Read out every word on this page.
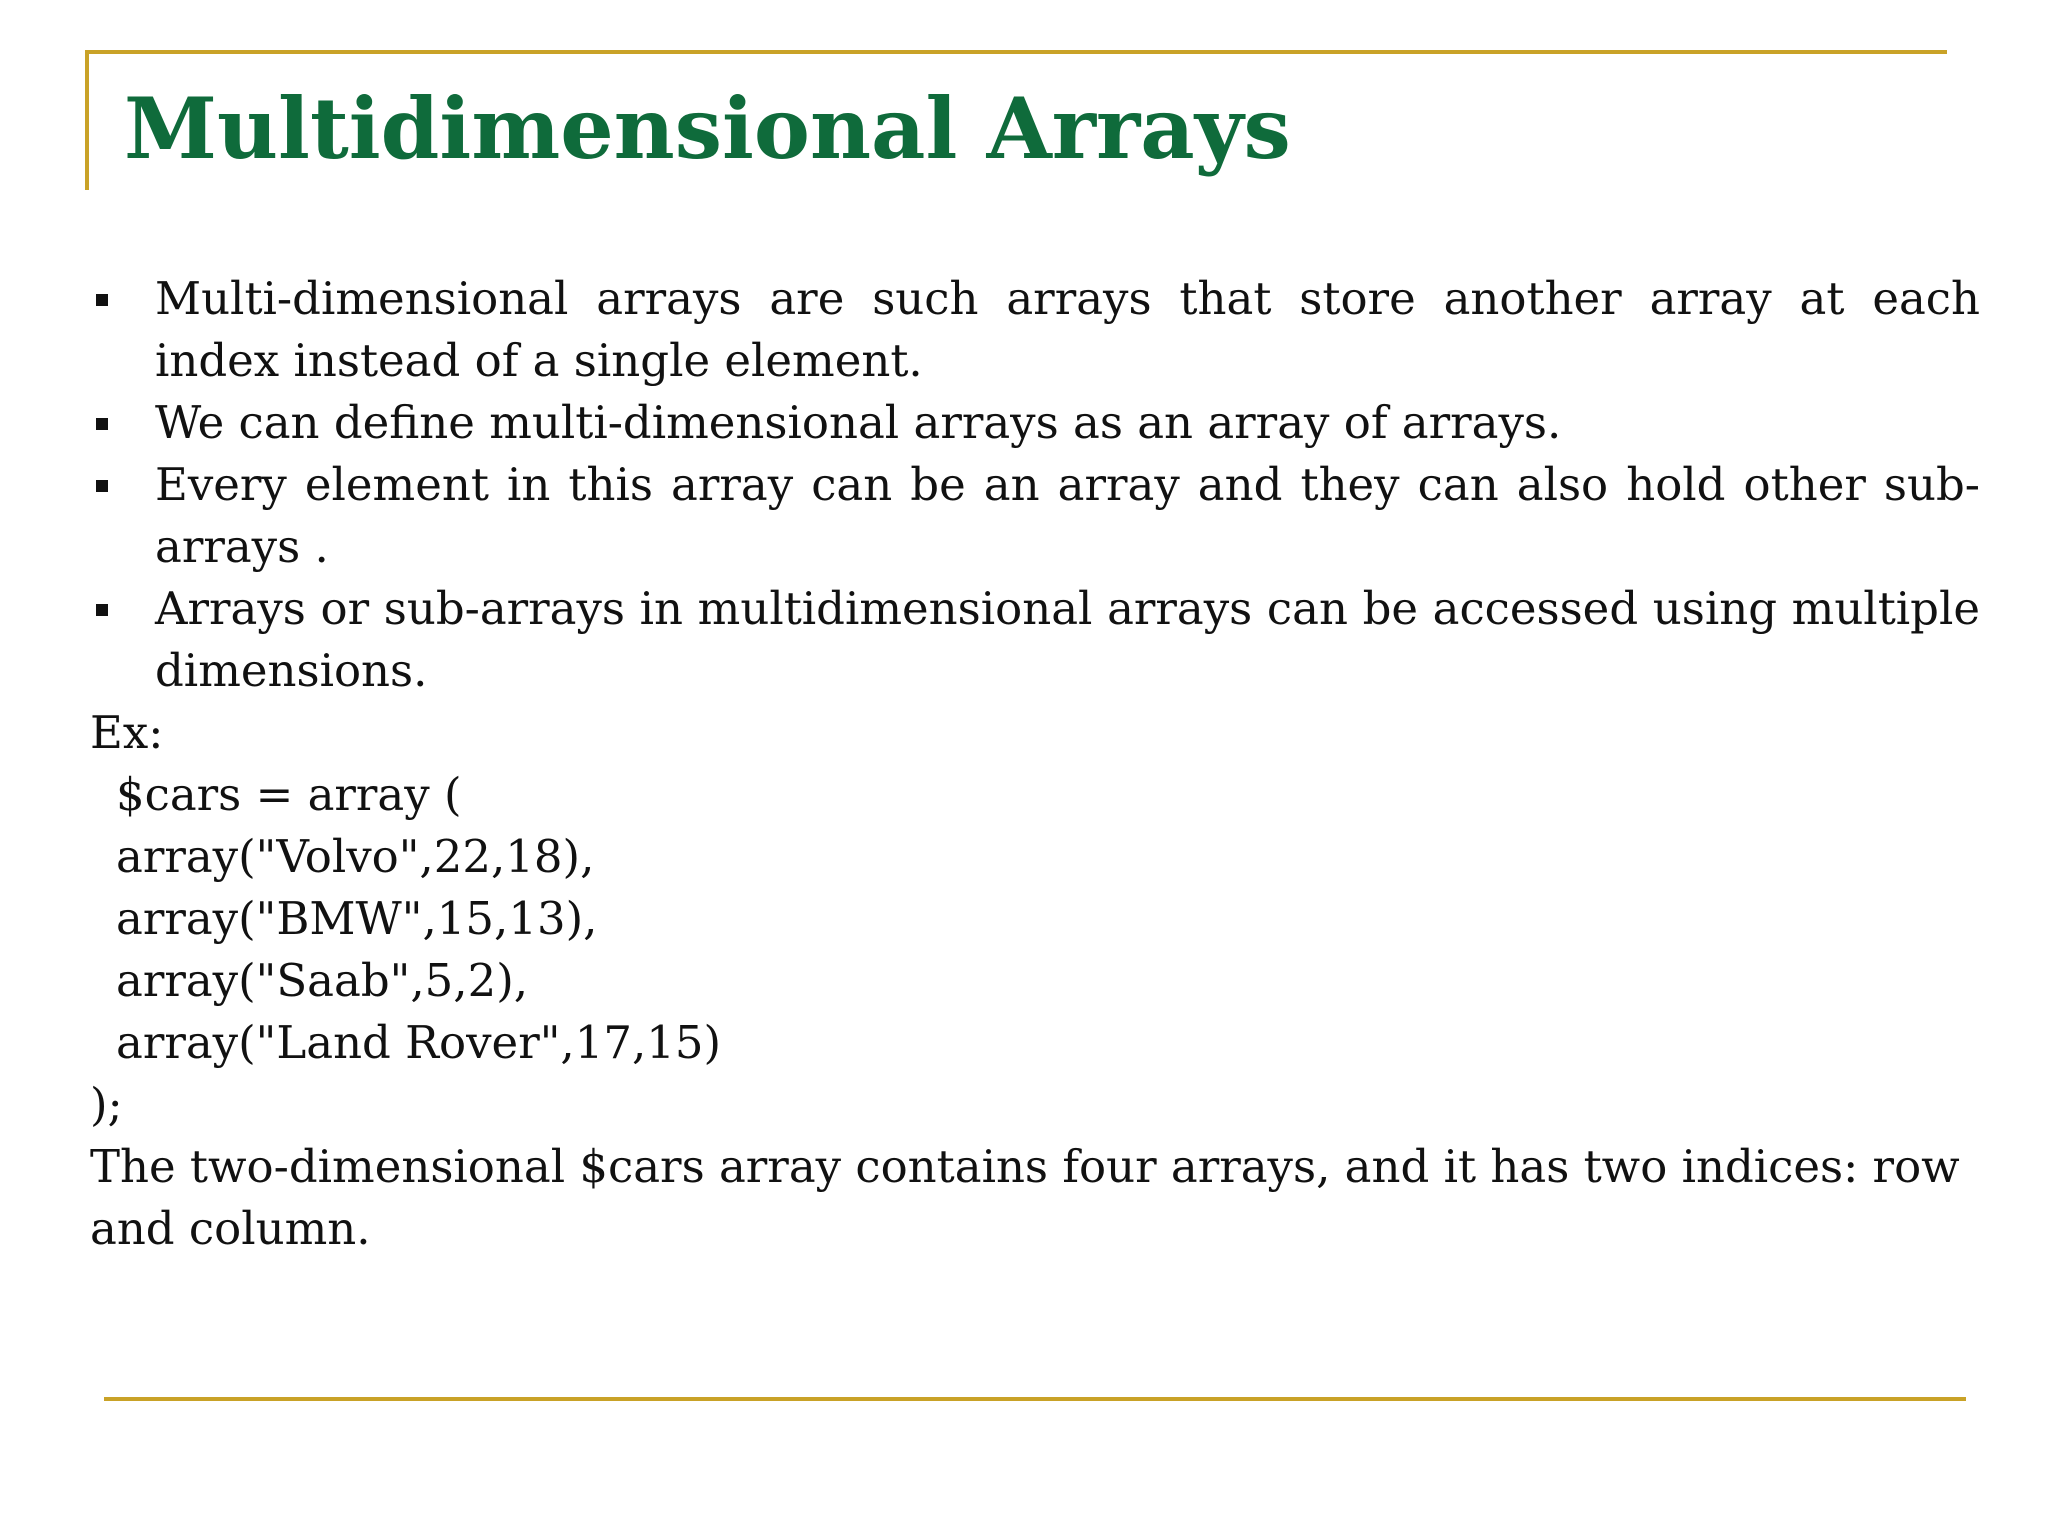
Multidimensional Arrays
Multi-dimensional arrays are such arrays that store another array at each index instead of a single element.
We can define multi-dimensional arrays as an array of arrays.
Every element in this array can be an array and they can also hold other sub-arrays .
Arrays or sub-arrays in multidimensional arrays can be accessed using multiple dimensions.

Ex:

$cars = array (

array("Volvo",22,18),

array("BMW",15,13),

array("Saab",5,2),

array("Land Rover",17,15)

);

The two-dimensional $cars array contains four arrays, and it has two indices: row and column.
